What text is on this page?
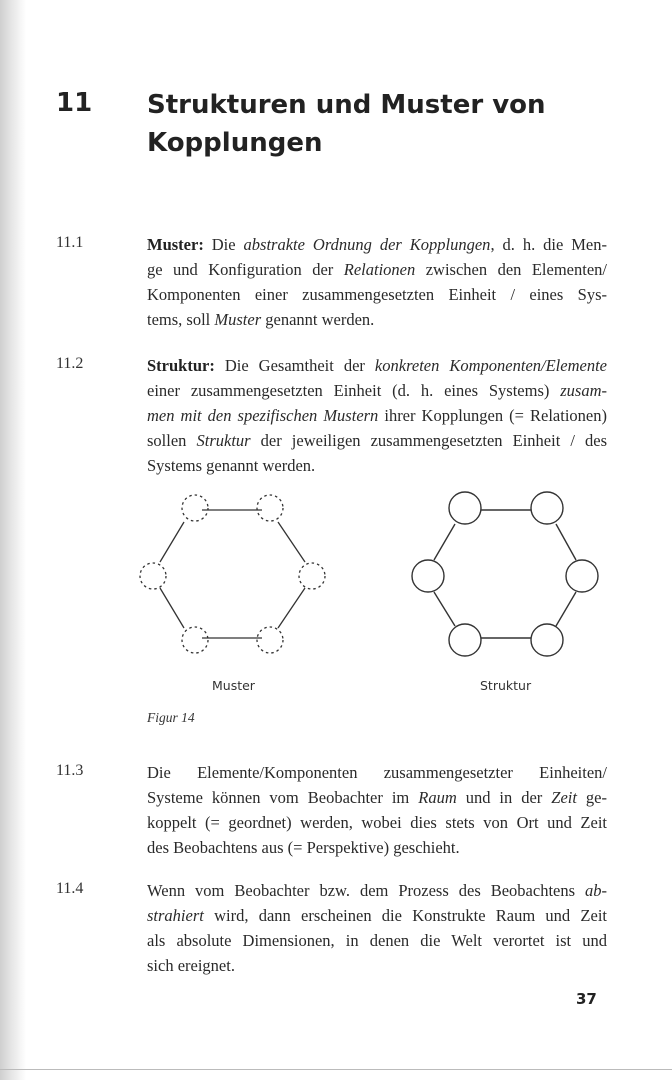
11 Strukturen und Muster von
Kopplungen
11.1	Muster: Die abstrakte Ordnung der Kopplungen, d. h. die Men-
ge und Konfiguration der Relationen zwischen den Elementen/
Komponenten einer zusammengesetzten Einheit / eines Sys-
tems, soll Muster genannt werden.
11.2	Struktur: Die Gesamtheit der konkreten Komponenten/Elemente
einer zusammengesetzten Einheit (d. h. eines Systems) zusam-
men mit den spezifischen Mustern ihrer Kopplungen (= Relationen)
sollen Struktur der jeweiligen zusammengesetzten Einheit / des
Systems genannt werden.
Muster	Struktur
Figur 14
11.3	Die Elemente/Komponenten zusammengesetzter Einheiten/
Systeme können vom Beobachter im Raum und in der Zeit ge-
koppelt (= geordnet) werden, wobei dies stets von Ort und Zeit
des Beobachtens aus (= Perspektive) geschieht.
11.4	Wenn vom Beobachter bzw. dem Prozess des Beobachtens ab-
strahiert wird, dann erscheinen die Konstrukte Raum und Zeit
als absolute Dimensionen, in denen die Welt verortet ist und
sich ereignet.
37
